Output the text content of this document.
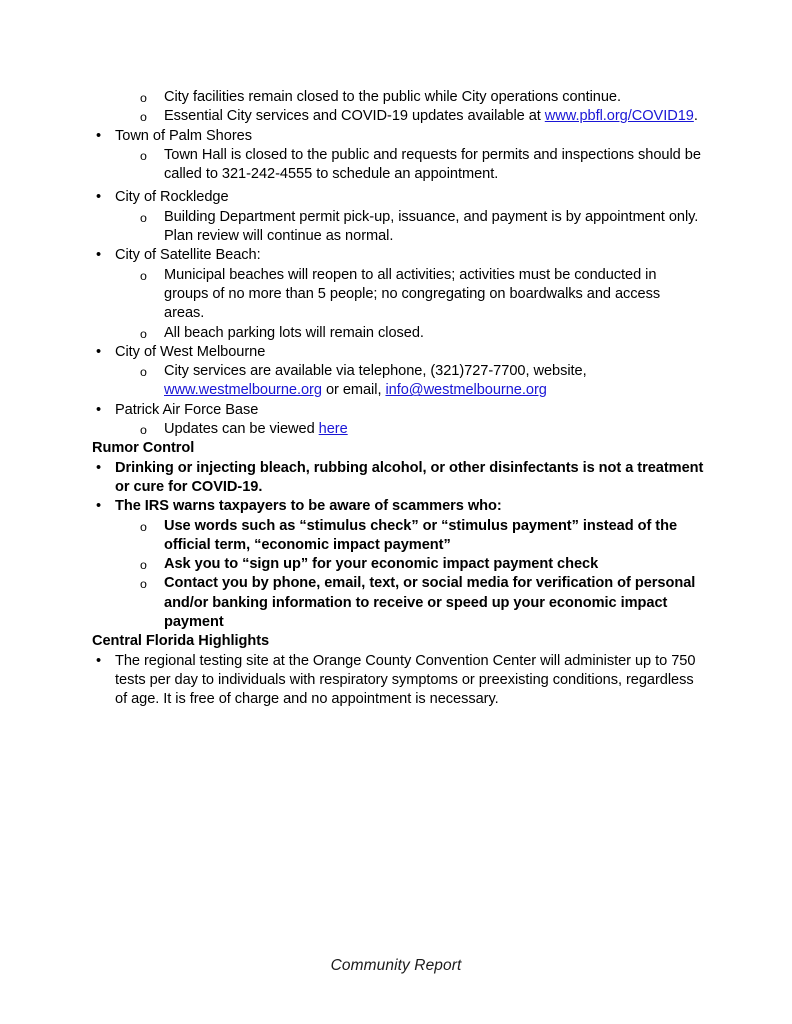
o City facilities remain closed to the public while City operations continue.
o Essential City services and COVID-19 updates available at www.pbfl.org/COVID19.
• Town of Palm Shores
o Town Hall is closed to the public and requests for permits and inspections should be called to 321-242-4555 to schedule an appointment.
• City of Rockledge
o Building Department permit pick-up, issuance, and payment is by appointment only. Plan review will continue as normal.
• City of Satellite Beach:
o Municipal beaches will reopen to all activities; activities must be conducted in groups of no more than 5 people; no congregating on boardwalks and access areas.
o All beach parking lots will remain closed.
• City of West Melbourne
o City services are available via telephone, (321)727-7700, website, www.westmelbourne.org or email, info@westmelbourne.org
• Patrick Air Force Base
o Updates can be viewed here
Rumor Control
• Drinking or injecting bleach, rubbing alcohol, or other disinfectants is not a treatment or cure for COVID-19.
• The IRS warns taxpayers to be aware of scammers who:
o Use words such as “stimulus check” or “stimulus payment” instead of the official term, “economic impact payment”
o Ask you to “sign up” for your economic impact payment check
o Contact you by phone, email, text, or social media for verification of personal and/or banking information to receive or speed up your economic impact payment
Central Florida Highlights
• The regional testing site at the Orange County Convention Center will administer up to 750 tests per day to individuals with respiratory symptoms or preexisting conditions, regardless of age. It is free of charge and no appointment is necessary.
Community Report
